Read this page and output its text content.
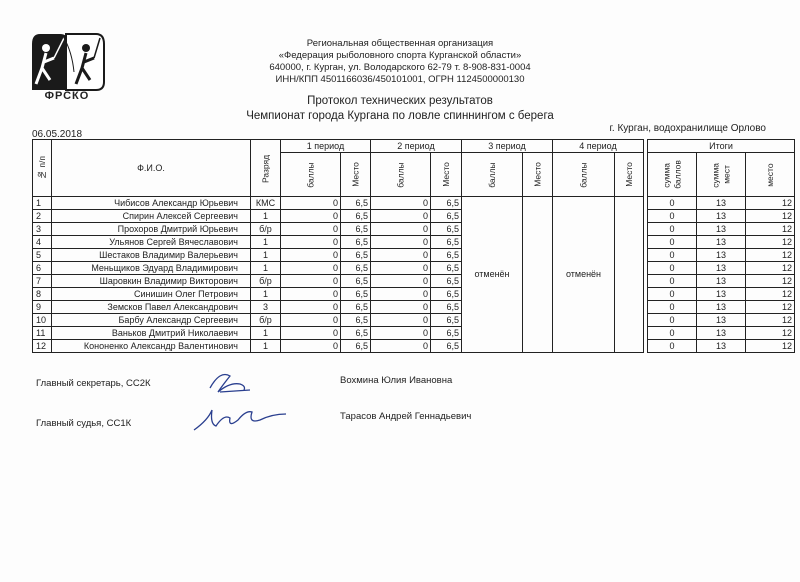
ФРСКО
Региональная общественная организация
«Федерация рыболовного спорта Курганской области»
640000, г. Курган, ул. Володарского 62-79 т. 8-908-831-0004
ИНН/КПП 4501166036/450101001, ОГРН 1124500000130
Протокол технических результатов
Чемпионат города Кургана по ловле спиннингом с берега
06.05.2018
г. Курган, водохранилище Орлово
№ п/п	Ф.И.О.	Разряд	1 период		2 период		3 период		4 период			Итоги		
			баллы	Место	баллы	Место	баллы	Место	баллы	Место		сумма баллов	сумма мест	место
1	Чибисов Александр Юрьевич	КМС	0	6,5	0	6,5	отменён		отменён			0	13	12
2	Спирин Алексей Сергеевич	1	0	6,5	0	6,5						0	13	12
3	Прохоров Дмитрий Юрьевич	б/р	0	6,5	0	6,5						0	13	12
4	Ульянов Сергей Вячеславович	1	0	6,5	0	6,5						0	13	12
5	Шестаков Владимир Валерьевич	1	0	6,5	0	6,5						0	13	12
6	Меньщиков Эдуард Владимирович	1	0	6,5	0	6,5						0	13	12
7	Шаровкин Владимир Викторович	б/р	0	6,5	0	6,5						0	13	12
8	Синишин Олег Петрович	1	0	6,5	0	6,5						0	13	12
9	Земсков Павел Александрович	3	0	6,5	0	6,5						0	13	12
10	Барбу Александр Сергеевич	б/р	0	6,5	0	6,5						0	13	12
11	Ваньков Дмитрий Николаевич	1	0	6,5	0	6,5						0	13	12
12	Кононенко Александр Валентинович	1	0	6,5	0	6,5						0	13	12
Главный секретарь, СС2К	Вохмина Юлия Ивановна
Главный судья, СС1К
Тарасов Андрей Геннадьевич
